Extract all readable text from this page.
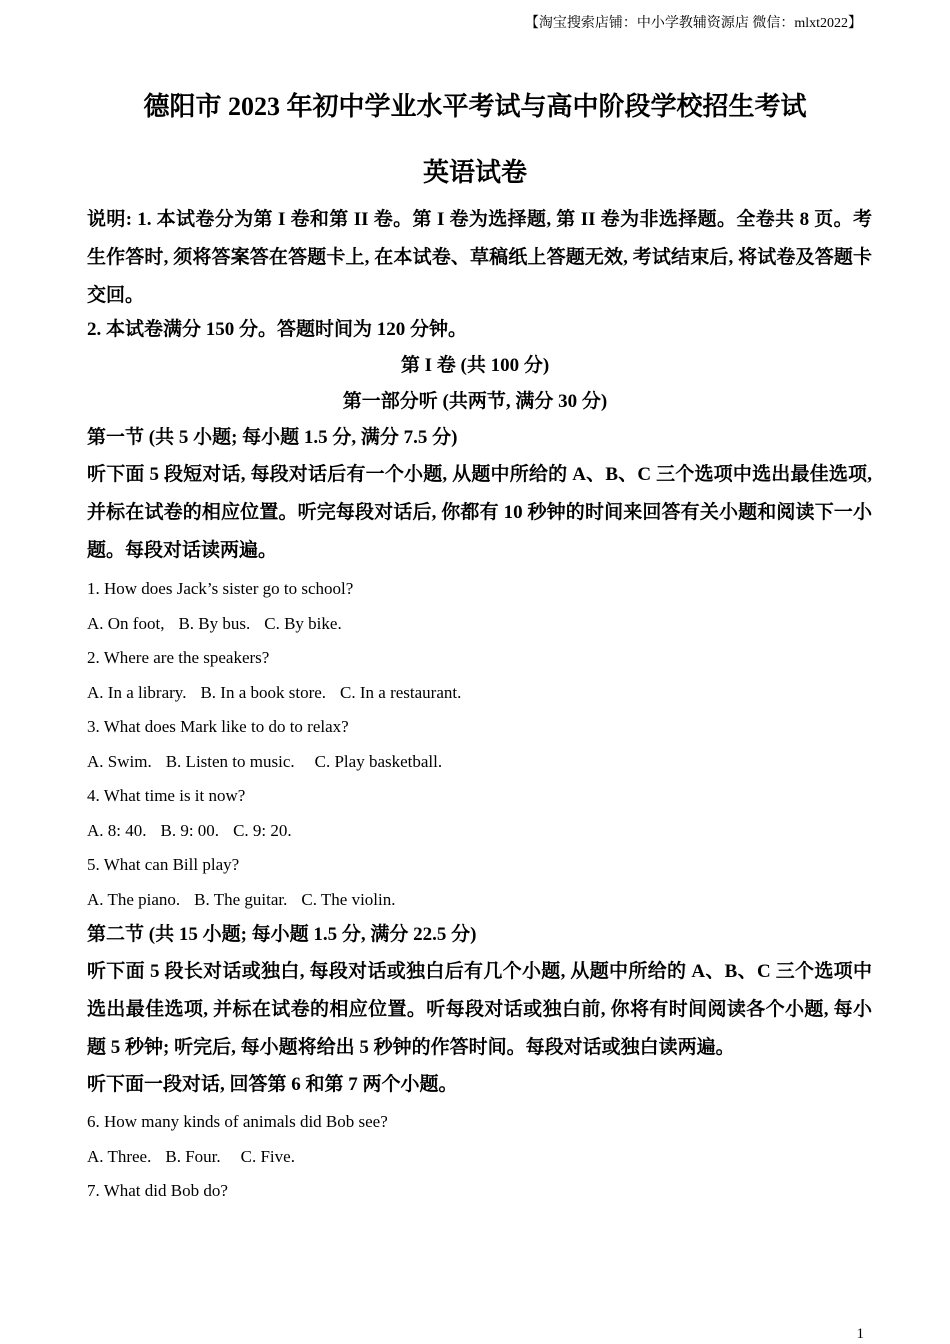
【淘宝搜索店铺：中小学教辅资源店 微信：mlxt2022】
德阳市 2023 年初中学业水平考试与高中阶段学校招生考试
英语试卷

说明: 1. 本试卷分为第 I 卷和第 II 卷。第 I 卷为选择题, 第 II 卷为非选择题。全卷共 8 页。考生作答时, 须将答案答在答题卡上, 在本试卷、草稿纸上答题无效, 考试结束后, 将试卷及答题卡交回。

2. 本试卷满分 150 分。答题时间为 120 分钟。

第 I 卷 (共 100 分)

第一部分听 (共两节, 满分 30 分)

第一节 (共 5 小题; 每小题 1.5 分, 满分 7.5 分)

听下面 5 段短对话, 每段对话后有一个小题, 从题中所给的 A、B、C 三个选项中选出最佳选项, 并标在试卷的相应位置。听完每段对话后, 你都有 10 秒钟的时间来回答有关小题和阅读下一小题。每段对话读两遍。

1. How does Jack’s sister go to school?

A. On foot, B. By bus. C. By bike.

2. Where are the speakers?

A. In a library. B. In a book store. C. In a restaurant.

3. What does Mark like to do to relax?

A. Swim. B. Listen to music. C. Play basketball.

4. What time is it now?

A. 8: 40. B. 9: 00. C. 9: 20.

5. What can Bill play?

A. The piano. B. The guitar. C. The violin.

第二节 (共 15 小题; 每小题 1.5 分, 满分 22.5 分)

听下面 5 段长对话或独白, 每段对话或独白后有几个小题, 从题中所给的 A、B、C 三个选项中选出最佳选项, 并标在试卷的相应位置。听每段对话或独白前, 你将有时间阅读各个小题, 每小题 5 秒钟; 听完后, 每小题将给出 5 秒钟的作答时间。每段对话或独白读两遍。

听下面一段对话, 回答第 6 和第 7 两个小题。

6. How many kinds of animals did Bob see?

A. Three. B. Four. C. Five.

7. What did Bob do?

1
